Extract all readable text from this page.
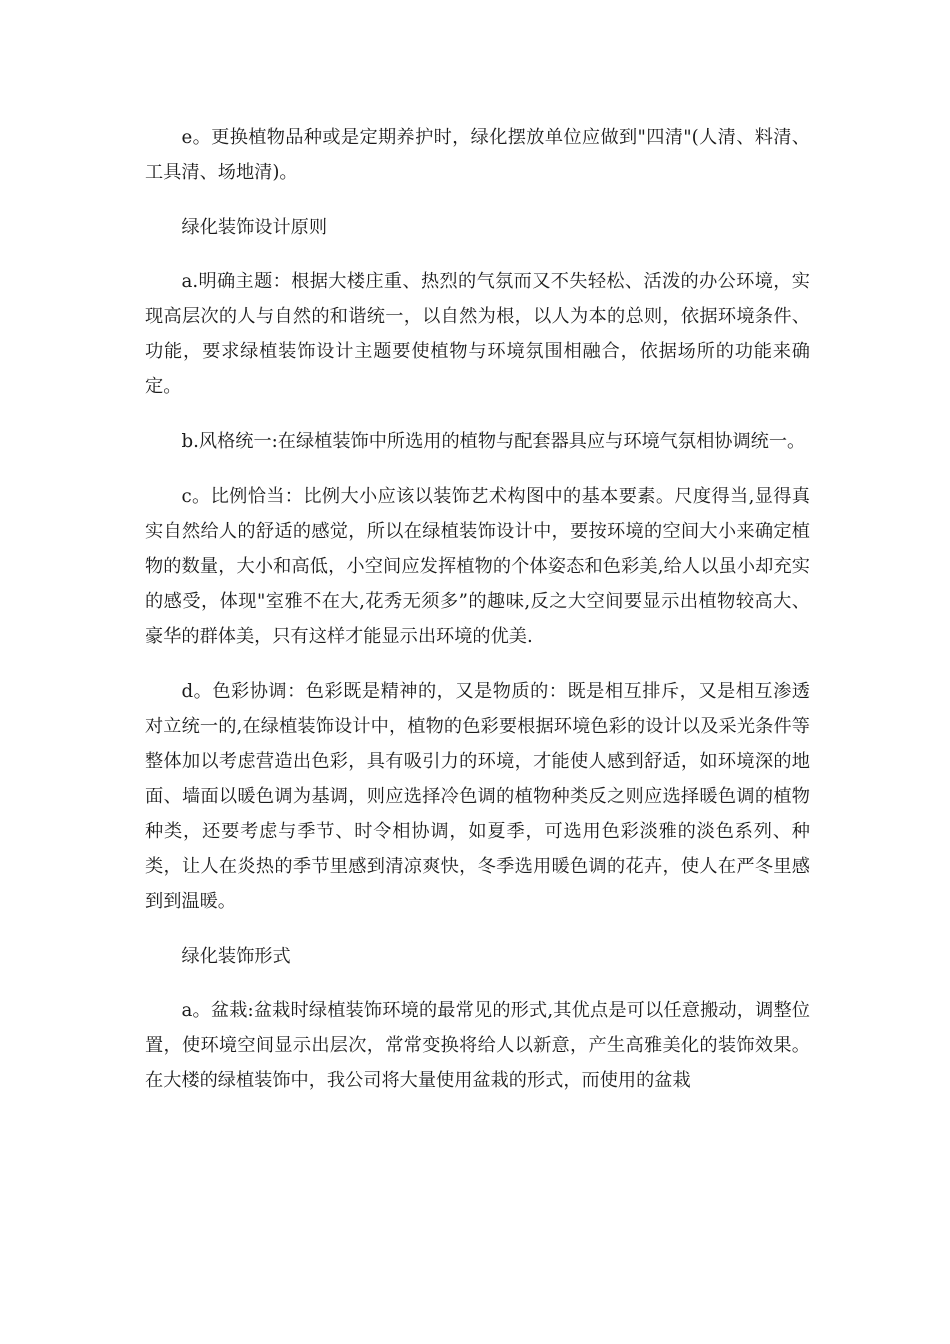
e。更换植物品种或是定期养护时，绿化摆放单位应做到"四清"(人清、料清、工具清、场地清)。

绿化装饰设计原则

a.明确主题：根据大楼庄重、热烈的气氛而又不失轻松、活泼的办公环境，实现高层次的人与自然的和谐统一，以自然为根，以人为本的总则，依据环境条件、功能，要求绿植装饰设计主题要使植物与环境氛围相融合，依据场所的功能来确定。

b.风格统一:在绿植装饰中所选用的植物与配套器具应与环境气氛相协调统一。

c。比例恰当：比例大小应该以装饰艺术构图中的基本要素。尺度得当,显得真实自然给人的舒适的感觉，所以在绿植装饰设计中，要按环境的空间大小来确定植物的数量，大小和高低，小空间应发挥植物的个体姿态和色彩美,给人以虽小却充实的感受，体现"室雅不在大,花秀无须多”的趣味,反之大空间要显示出植物较高大、豪华的群体美，只有这样才能显示出环境的优美.

d。色彩协调：色彩既是精神的，又是物质的：既是相互排斥，又是相互渗透对立统一的,在绿植装饰设计中，植物的色彩要根据环境色彩的设计以及采光条件等整体加以考虑营造出色彩，具有吸引力的环境，才能使人感到舒适，如环境深的地面、墙面以暖色调为基调，则应选择冷色调的植物种类反之则应选择暖色调的植物种类，还要考虑与季节、时令相协调，如夏季，可选用色彩淡雅的淡色系列、种类，让人在炎热的季节里感到清凉爽快，冬季选用暖色调的花卉，使人在严冬里感到到温暖。

绿化装饰形式

a。盆栽:盆栽时绿植装饰环境的最常见的形式,其优点是可以任意搬动，调整位置，使环境空间显示出层次，常常变换将给人以新意，产生高雅美化的装饰效果。在大楼的绿植装饰中，我公司将大量使用盆栽的形式，而使用的盆栽
